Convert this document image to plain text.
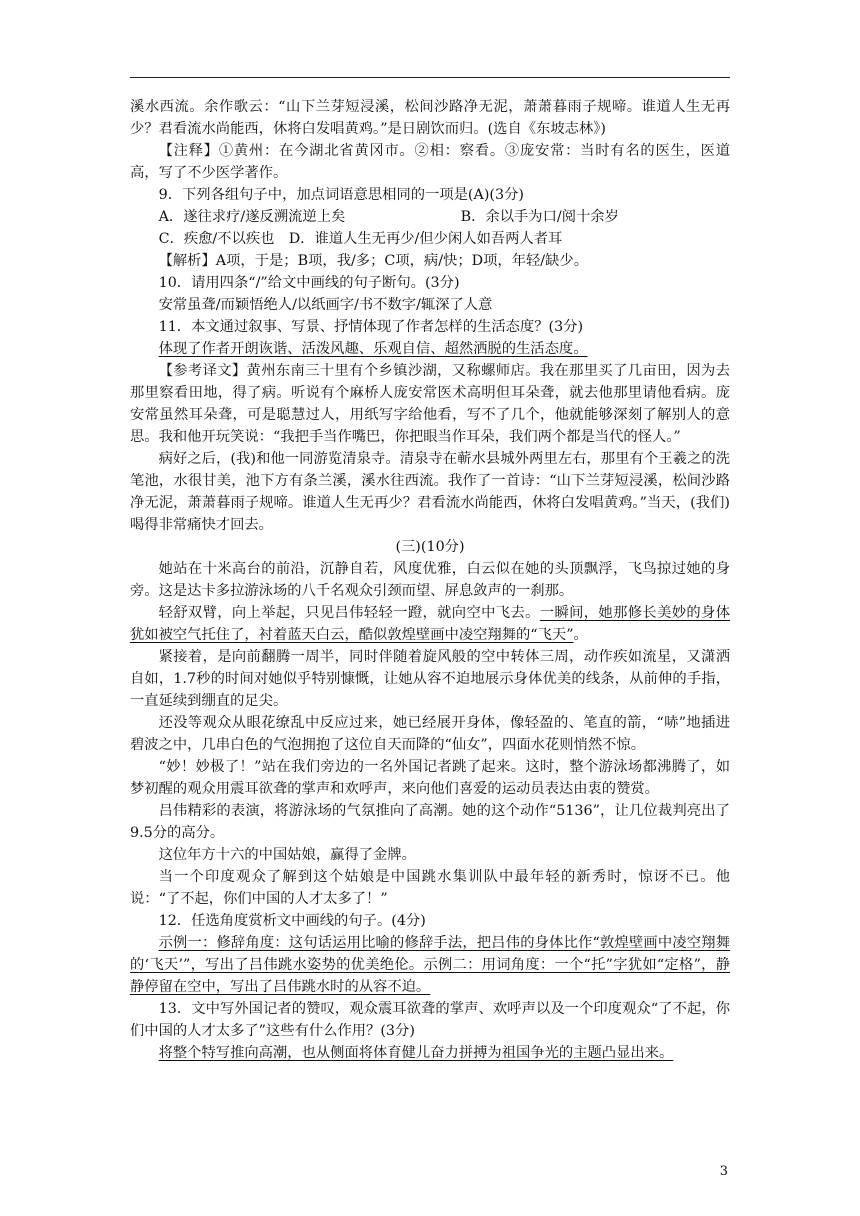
溪水西流。余作歌云：“山下兰芽短浸溪，松间沙路净无泥，萧萧暮雨子规啼。谁道人生无再少？君看流水尚能西，休将白发唱黄鸡。”是日剧饮而归。(选自《东坡志林》)

【注释】①黄州：在今湖北省黄冈市。②相：察看。③庞安常：当时有名的医生，医道高，写了不少医学著作。

9．下列各组句子中，加点词语意思相同的一项是(A)(3分)

A．遂往求疗/遂反溯流逆上矣	B．余以手为口/阅十余岁

C．疾愈/不以疾也　D．谁道人生无再少/但少闲人如吾两人者耳

【解析】A项，于是；B项，我/多；C项，病/快；D项，年轻/缺少。

10．请用四条“/”给文中画线的句子断句。(3分)

安常虽聋/而颖悟绝人/以纸画字/书不数字/辄深了人意

11．本文通过叙事、写景、抒情体现了作者怎样的生活态度？(3分)

体现了作者开朗诙谐、活泼风趣、乐观自信、超然洒脱的生活态度。

【参考译文】黄州东南三十里有个乡镇沙湖，又称螺师店。我在那里买了几亩田，因为去那里察看田地，得了病。听说有个麻桥人庞安常医术高明但耳朵聋，就去他那里请他看病。庞安常虽然耳朵聋，可是聪慧过人，用纸写字给他看，写不了几个，他就能够深刻了解别人的意思。我和他开玩笑说：“我把手当作嘴巴，你把眼当作耳朵，我们两个都是当代的怪人。”

病好之后，(我)和他一同游览清泉寺。清泉寺在蕲水县城外两里左右，那里有个王羲之的洗笔池，水很甘美，池下方有条兰溪，溪水往西流。我作了一首诗：“山下兰芽短浸溪，松间沙路净无泥，萧萧暮雨子规啼。谁道人生无再少？君看流水尚能西，休将白发唱黄鸡。”当天，(我们)喝得非常痛快才回去。

(三)(10分)

她站在十米高台的前沿，沉静自若，风度优雅，白云似在她的头顶飘浮，飞鸟掠过她的身旁。这是达卡多拉游泳场的八千名观众引颈而望、屏息敛声的一刹那。

轻舒双臂，向上举起，只见吕伟轻轻一蹬，就向空中飞去。一瞬间，她那修长美妙的身体犹如被空气托住了，衬着蓝天白云，酷似敦煌壁画中凌空翔舞的“飞天”。

紧接着，是向前翻腾一周半，同时伴随着旋风般的空中转体三周，动作疾如流星，又潇洒自如，1.7秒的时间对她似乎特别慷慨，让她从容不迫地展示身体优美的线条，从前伸的手指，一直延续到绷直的足尖。

还没等观众从眼花缭乱中反应过来，她已经展开身体，像轻盈的、笔直的箭，“哧”地插进碧波之中，几串白色的气泡拥抱了这位自天而降的“仙女”，四面水花则悄然不惊。

“妙！妙极了！”站在我们旁边的一名外国记者跳了起来。这时，整个游泳场都沸腾了，如梦初醒的观众用震耳欲聋的掌声和欢呼声，来向他们喜爱的运动员表达由衷的赞赏。

吕伟精彩的表演，将游泳场的气氛推向了高潮。她的这个动作“5136”，让几位裁判亮出了9.5分的高分。

这位年方十六的中国姑娘，赢得了金牌。

当一个印度观众了解到这个姑娘是中国跳水集训队中最年轻的新秀时，惊讶不已。他说：“了不起，你们中国的人才太多了！”

12．任选角度赏析文中画线的句子。(4分)

示例一：修辞角度：这句话运用比喻的修辞手法，把吕伟的身体比作“敦煌壁画中凌空翔舞的‘飞天’”，写出了吕伟跳水姿势的优美绝伦。示例二：用词角度：一个“托”字犹如“定格”，静静停留在空中，写出了吕伟跳水时的从容不迫。

13．文中写外国记者的赞叹，观众震耳欲聋的掌声、欢呼声以及一个印度观众“了不起，你们中国的人才太多了”这些有什么作用？(3分)

将整个特写推向高潮，也从侧面将体育健儿奋力拼搏为祖国争光的主题凸显出来。

3
